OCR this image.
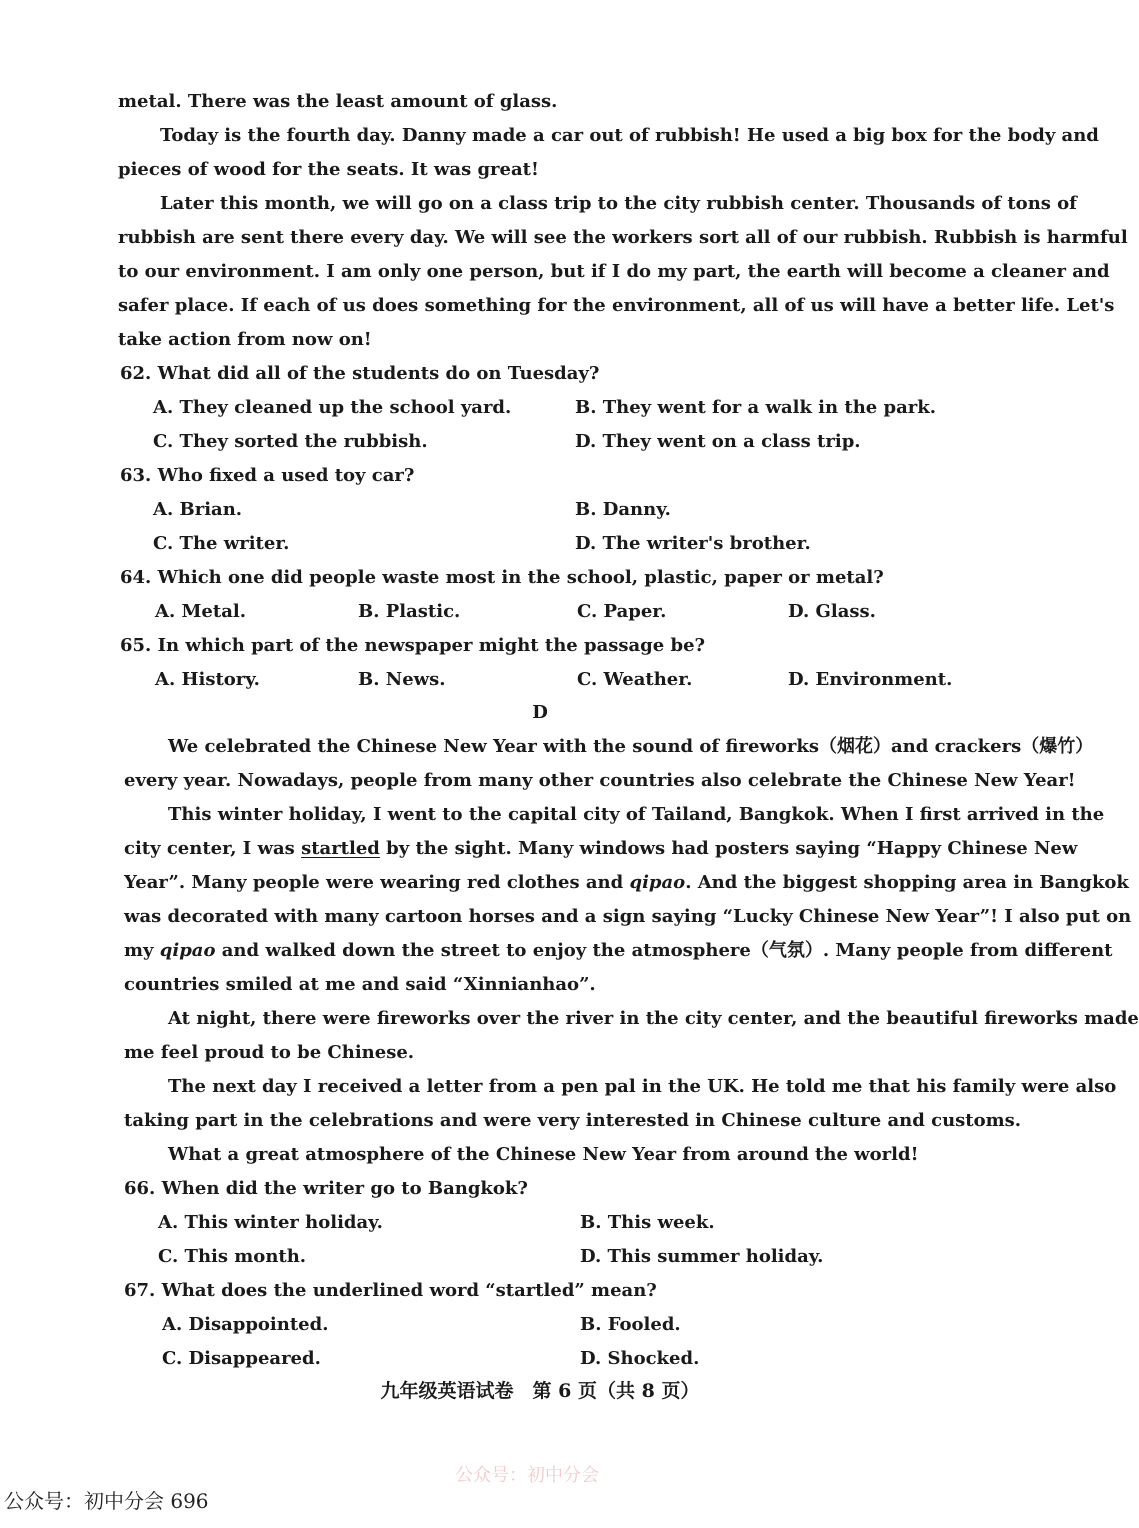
metal. There was the least amount of glass.
Today is the fourth day. Danny made a car out of rubbish! He used a big box for the body and
pieces of wood for the seats. It was great!
Later this month, we will go on a class trip to the city rubbish center. Thousands of tons of
rubbish are sent there every day. We will see the workers sort all of our rubbish. Rubbish is harmful
to our environment. I am only one person, but if I do my part, the earth will become a cleaner and
safer place. If each of us does something for the environment, all of us will have a better life. Let's
take action from now on!
62. What did all of the students do on Tuesday?
A. They cleaned up the school yard.	B. They went for a walk in the park.
C. They sorted the rubbish.	D. They went on a class trip.
63. Who fixed a used toy car?
A. Brian.	B. Danny.
C. The writer.	D. The writer's brother.
64. Which one did people waste most in the school, plastic, paper or metal?
A. Metal.	B. Plastic.	C. Paper.	D. Glass.
65. In which part of the newspaper might the passage be?
A. History.	B. News.	C. Weather.	D. Environment.
D
We celebrated the Chinese New Year with the sound of fireworks（烟花）and crackers（爆竹）
every year. Nowadays, people from many other countries also celebrate the Chinese New Year!
This winter holiday, I went to the capital city of Tailand, Bangkok. When I first arrived in the
city center, I was startled by the sight. Many windows had posters saying “Happy Chinese New
Year”. Many people were wearing red clothes and qipao. And the biggest shopping area in Bangkok
was decorated with many cartoon horses and a sign saying “Lucky Chinese New Year”! I also put on
my qipao and walked down the street to enjoy the atmosphere（气氛）. Many people from different
countries smiled at me and said “Xinnianhao”.
At night, there were fireworks over the river in the city center, and the beautiful fireworks made
me feel proud to be Chinese.
The next day I received a letter from a pen pal in the UK. He told me that his family were also
taking part in the celebrations and were very interested in Chinese culture and customs.
What a great atmosphere of the Chinese New Year from around the world!
66. When did the writer go to Bangkok?
A. This winter holiday.	B. This week.
C. This month.	D. This summer holiday.
67. What does the underlined word “startled” mean?
A. Disappointed.	B. Fooled.
C. Disappeared.	D. Shocked.
九年级英语试卷　第 6 页（共 8 页）
公众号：初中分会
公众号：初中分会 696
